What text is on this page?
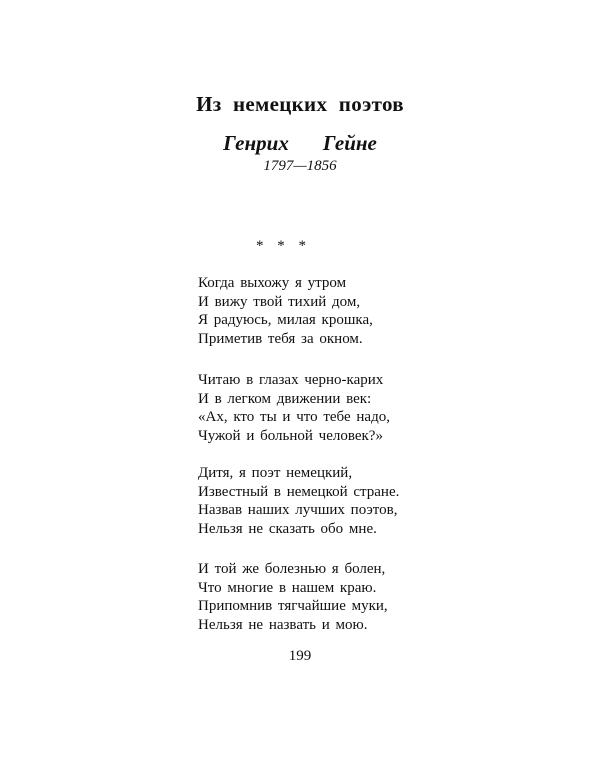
Из немецких поэтов
Генрих Гейне
1797—1856
* * *
Когда выхожу я утром
И вижу твой тихий дом,
Я радуюсь, милая крошка,
Приметив тебя за окном.
Читаю в глазах черно-карих
И в легком движении век:
«Ах, кто ты и что тебе надо,
Чужой и больной человек?»
Дитя, я поэт немецкий,
Известный в немецкой стране.
Назвав наших лучших поэтов,
Нельзя не сказать обо мне.
И той же болезнью я болен,
Что многие в нашем краю.
Припомнив тягчайшие муки,
Нельзя не назвать и мою.
199
